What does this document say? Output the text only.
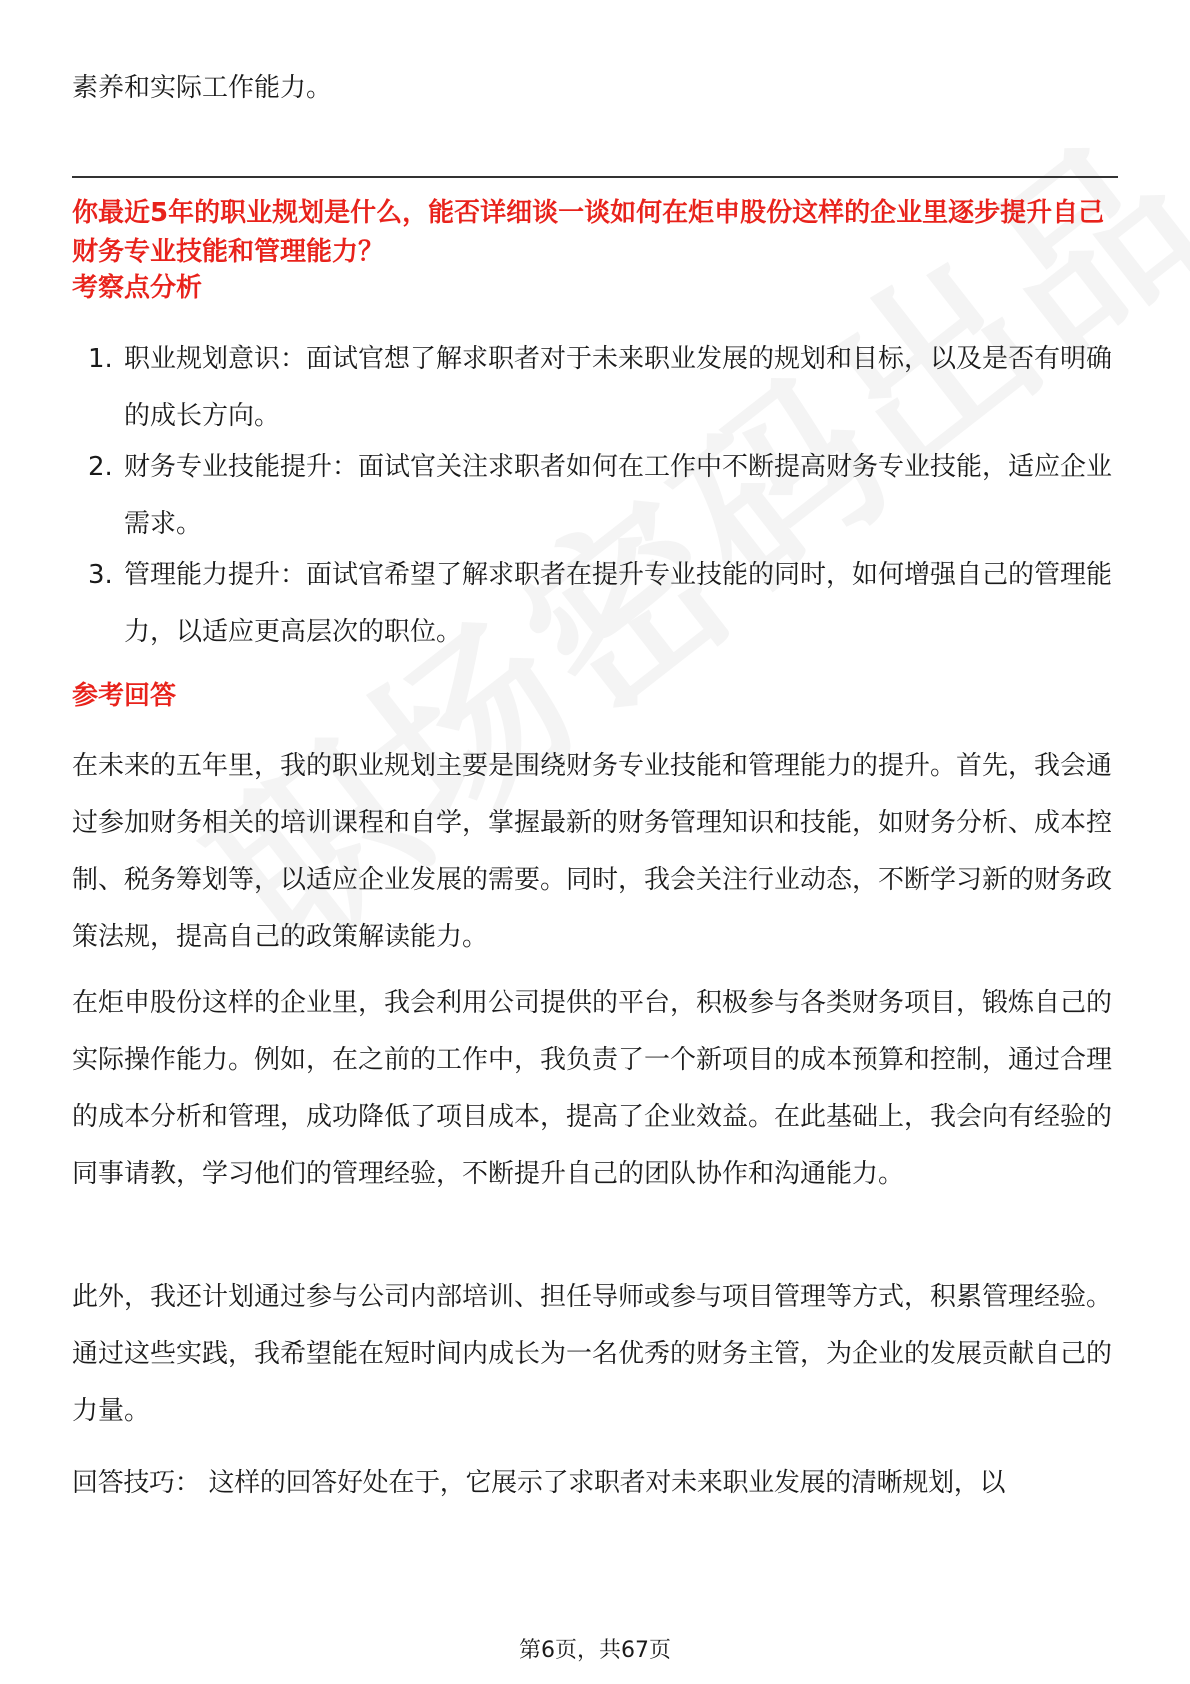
素养和实际工作能力。

你最近5年的职业规划是什么，能否详细谈一谈如何在炬申股份这样的企业里逐步提升自己财务专业技能和管理能力？

考察点分析
1. 职业规划意识：面试官想了解求职者对于未来职业发展的规划和目标，以及是否有明确的成长方向。
2. 财务专业技能提升：面试官关注求职者如何在工作中不断提高财务专业技能，适应企业需求。
3. 管理能力提升：面试官希望了解求职者在提升专业技能的同时，如何增强自己的管理能力，以适应更高层次的职位。
参考回答

在未来的五年里，我的职业规划主要是围绕财务专业技能和管理能力的提升。首先，我会通过参加财务相关的培训课程和自学，掌握最新的财务管理知识和技能，如财务分析、成本控制、税务筹划等，以适应企业发展的需要。同时，我会关注行业动态，不断学习新的财务政策法规，提高自己的政策解读能力。

在炬申股份这样的企业里，我会利用公司提供的平台，积极参与各类财务项目，锻炼自己的实际操作能力。例如，在之前的工作中，我负责了一个新项目的成本预算和控制，通过合理的成本分析和管理，成功降低了项目成本，提高了企业效益。在此基础上，我会向有经验的同事请教，学习他们的管理经验，不断提升自己的团队协作和沟通能力。

此外，我还计划通过参与公司内部培训、担任导师或参与项目管理等方式，积累管理经验。通过这些实践，我希望能在短时间内成长为一名优秀的财务主管，为企业的发展贡献自己的力量。

回答技巧： 这样的回答好处在于，它展示了求职者对未来职业发展的清晰规划，以

第6页，共67页
